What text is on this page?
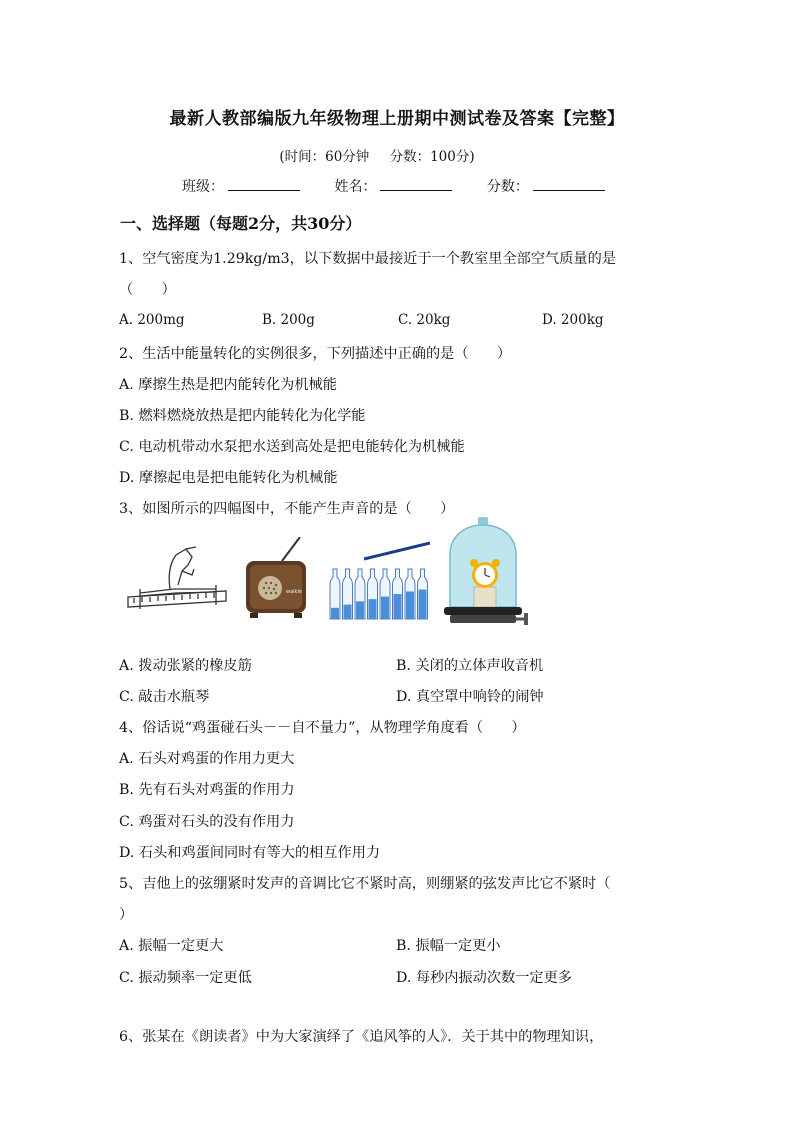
最新人教部编版九年级物理上册期中测试卷及答案【完整】
(时间：60分钟 分数：100分)
班级：	姓名：	分数：
一、选择题（每题2分，共30分）
1、空气密度为1.29kg/m3，以下数据中最接近于一个教室里全部空气质量的是
（　　）
A. 200mg	B. 200g	C. 20kg	D. 200kg
2、生活中能量转化的实例很多，下列描述中正确的是（　　）
A. 摩擦生热是把内能转化为机械能
B. 燃料燃烧放热是把内能转化为化学能
C. 电动机带动水泵把水送到高处是把电能转化为机械能
D. 摩擦起电是把电能转化为机械能
3、如图所示的四幅图中，不能产生声音的是（　　）
walkie
A. 拨动张紧的橡皮筋	B. 关闭的立体声收音机
C. 敲击水瓶琴	D. 真空罩中响铃的闹钟
4、俗话说“鸡蛋碰石头－－自不量力”，从物理学角度看（　　）
A. 石头对鸡蛋的作用力更大
B. 先有石头对鸡蛋的作用力
C. 鸡蛋对石头的没有作用力
D. 石头和鸡蛋间同时有等大的相互作用力
5、吉他上的弦绷紧时发声的音调比它不紧时高，则绷紧的弦发声比它不紧时（
）
A. 振幅一定更大	B. 振幅一定更小
C. 振动频率一定更低	D. 每秒内振动次数一定更多
6、张某在《朗读者》中为大家演绎了《追风筝的人》．关于其中的物理知识，
